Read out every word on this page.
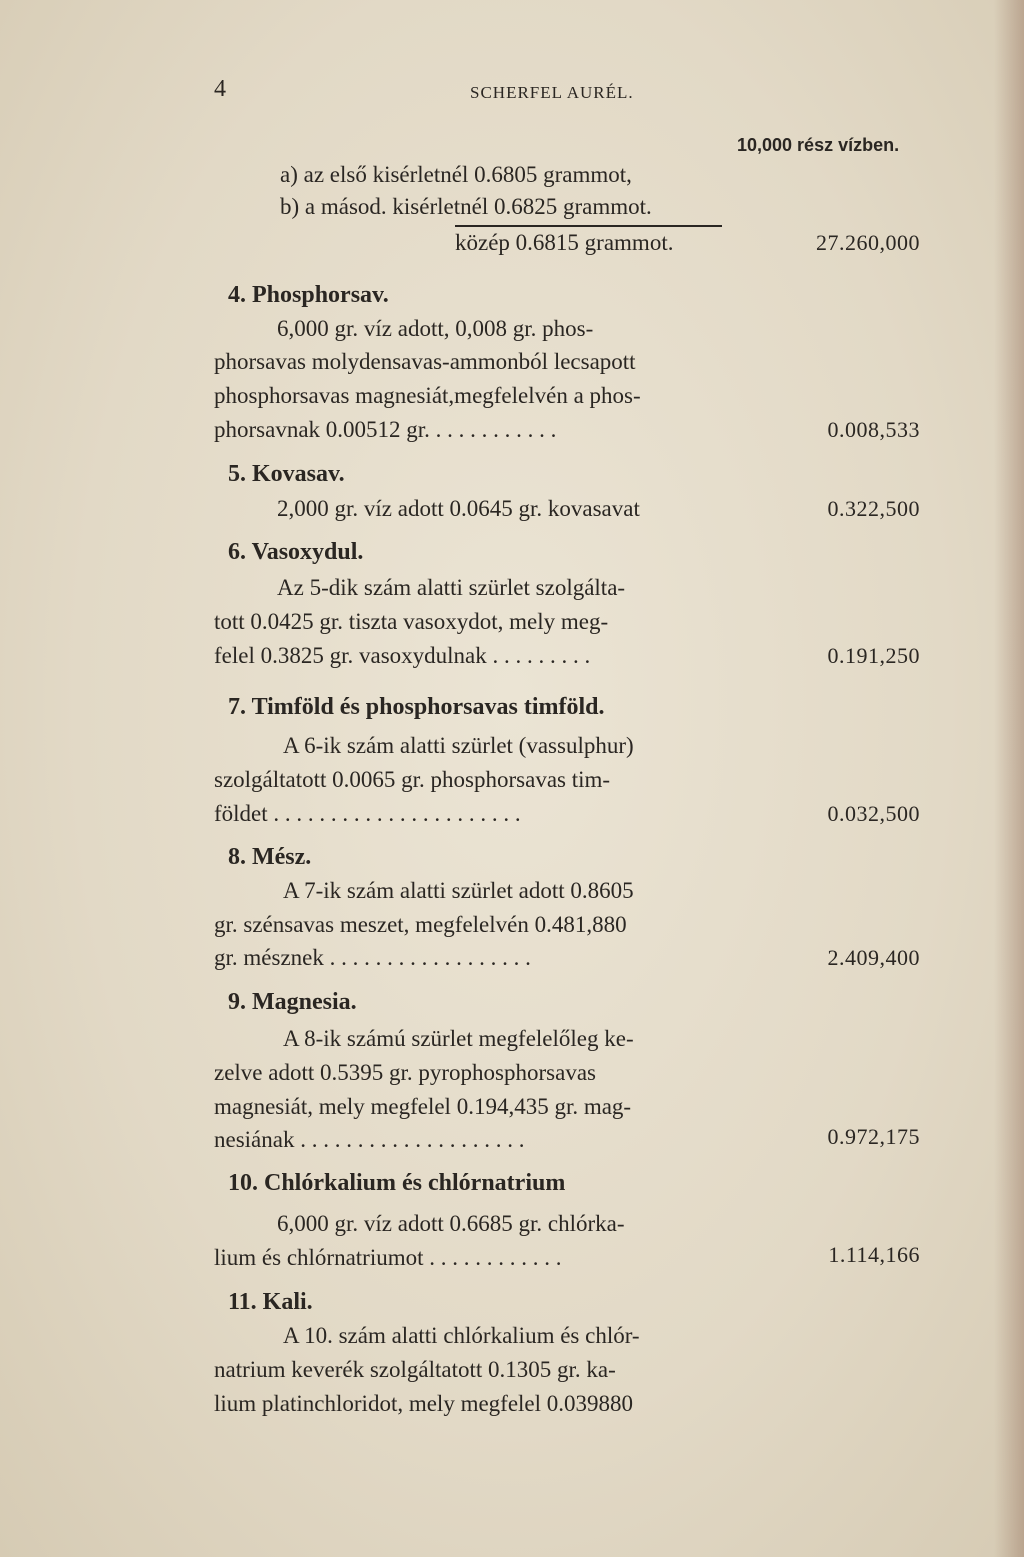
4	SCHERFEL AURÉL.
10,000 rész vízben.
a) az első kisérletnél 0.6805 grammot,
b) a másod. kisérletnél 0.6825 grammot.
közép 0.6815 grammot.	27.260,000
4. Phosphorsav.
6,000 gr. víz adott, 0,008 gr. phos-
phorsavas molydensavas-ammonból lecsapott
phosphorsavas magnesiát,megfelelvén a phos-
phorsavnak 0.00512 gr. . . . . . . . . . . .	0.008,533
5. Kovasav.
2,000 gr. víz adott 0.0645 gr. kovasavat	0.322,500
6. Vasoxydul.
Az 5-dik szám alatti szürlet szolgálta-
tott 0.0425 gr. tiszta vasoxydot, mely meg-
felel 0.3825 gr. vasoxydulnak . . . . . . . . .	0.191,250
7. Timföld és phosphorsavas timföld.
A 6-ik szám alatti szürlet (vassulphur)
szolgáltatott 0.0065 gr. phosphorsavas tim-
földet . . . . . . . . . . . . . . . . . . . . . .	0.032,500
8. Mész.
A 7-ik szám alatti szürlet adott 0.8605
gr. szénsavas meszet, megfelelvén 0.481,880
gr. mésznek . . . . . . . . . . . . . . . . . .	2.409,400
9. Magnesia.
A 8-ik számú szürlet megfelelőleg ke-
zelve adott 0.5395 gr. pyrophosphorsavas
magnesiát, mely megfelel 0.194,435 gr. mag-
nesiának . . . . . . . . . . . . . . . . . . . .	0.972,175
10. Chlórkalium és chlórnatrium
6,000 gr. víz adott 0.6685 gr. chlórka-
lium és chlórnatriumot . . . . . . . . . . . .	1.114,166
11. Kali.
A 10. szám alatti chlórkalium és chlór-
natrium keverék szolgáltatott 0.1305 gr. ka-
lium platinchloridot, mely megfelel 0.039880
